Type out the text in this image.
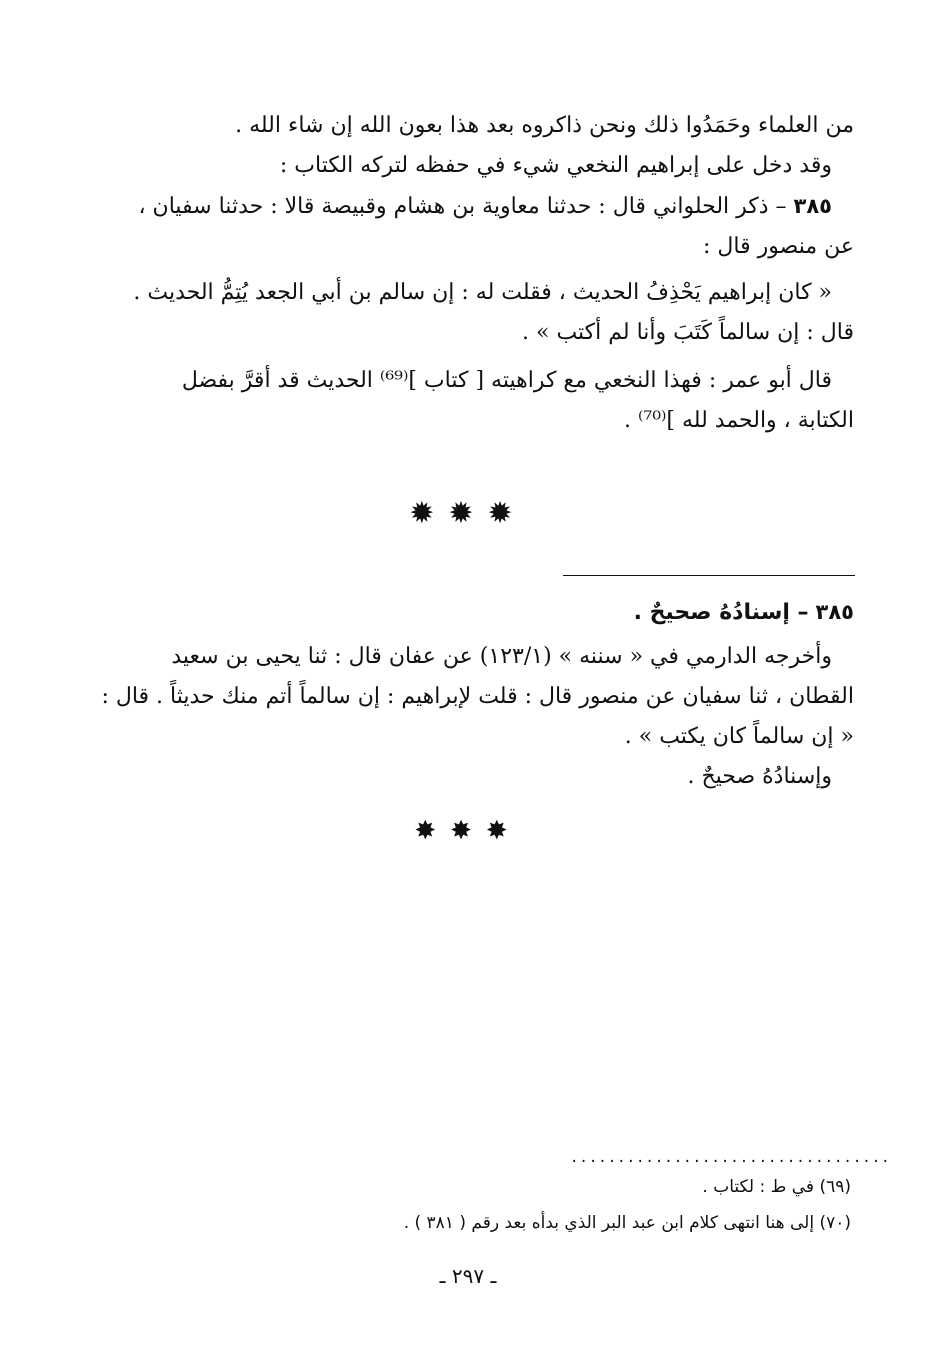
من العلماء وحَمَدُوا ذلك ونحن ذاكروه بعد هذا بعون الله إن شاء الله .
وقد دخل على إبراهيم النخعي شيء في حفظه لتركه الكتاب :
٣٨٥ – ذكر الحلواني قال : حدثنا معاوية بن هشام وقبيصة قالا : حدثنا سفيان ،
عن منصور قال :
« كان إبراهيم يَحْذِفُ الحديث ، فقلت له : إن سالم بن أبي الجعد يُتِمُّ الحديث .
قال : إن سالماً كَتَبَ وأنا لم أكتب » .
قال أبو عمر : فهذا النخعي مع كراهيته [ كتاب ]⁽⁶⁹⁾ الحديث قد أقرَّ بفضل
الكتابة ، والحمد لله ]⁽⁷⁰⁾ .
✹✹✹
٣٨٥ – إسنادُهُ صحيحٌ .
وأخرجه الدارمي في « سننه » (١٢٣/١) عن عفان قال : ثنا يحيى بن سعيد
القطان ، ثنا سفيان عن منصور قال : قلت لإبراهيم : إن سالماً أتم منك حديثاً . قال :
« إن سالماً كان يكتب » .
وإسنادُهُ صحيحٌ .
✸✸✸
..................................
(٦٩) في ط : لكتاب .
(٧٠) إلى هنا انتهى كلام ابن عبد البر الذي بدأه بعد رقم ( ٣٨١ ) .
ـ ٢٩٧ ـ
